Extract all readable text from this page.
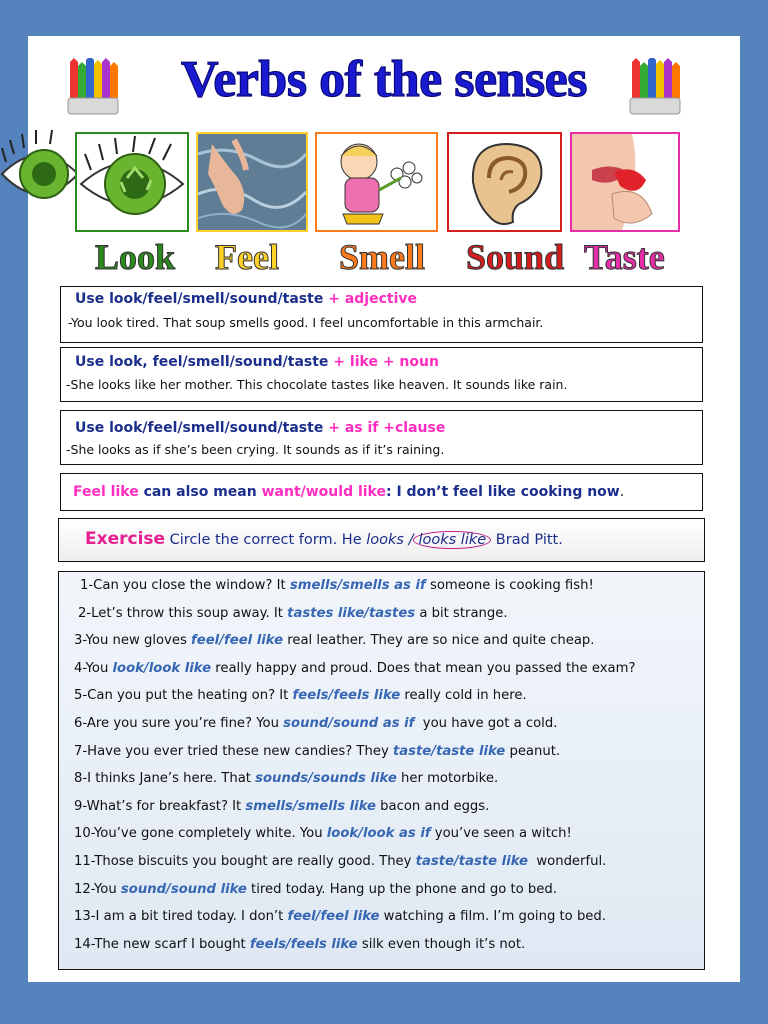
Verbs of the senses
Look Feel Smell Sound Taste
Use look/feel/smell/sound/taste + adjective
-You look tired. That soup smells good. I feel uncomfortable in this armchair.
Use look, feel/smell/sound/taste + like + noun
-She looks like her mother. This chocolate tastes like heaven. It sounds like rain.
Use look/feel/smell/sound/taste + as if +clause
-She looks as if she’s been crying. It sounds as if it’s raining.
Feel like can also mean want/would like: I don’t feel like cooking now.
Exercise Circle the correct form. He looks / looks like Brad Pitt.
1-Can you close the window? It smells/smells as if someone is cooking fish!
2-Let’s throw this soup away. It tastes like/tastes a bit strange.
3-You new gloves feel/feel like real leather. They are so nice and quite cheap.
4-You look/look like really happy and proud. Does that mean you passed the exam?
5-Can you put the heating on? It feels/feels like really cold in here.
6-Are you sure you’re fine? You sound/sound as if  you have got a cold.
7-Have you ever tried these new candies? They taste/taste like peanut.
8-I thinks Jane’s here. That sounds/sounds like her motorbike.
9-What’s for breakfast? It smells/smells like bacon and eggs.
10-You’ve gone completely white. You look/look as if you’ve seen a witch!
11-Those biscuits you bought are really good. They taste/taste like  wonderful.
12-You sound/sound like tired today. Hang up the phone and go to bed.
13-I am a bit tired today. I don’t feel/feel like watching a film. I’m going to bed.
14-The new scarf I bought feels/feels like silk even though it’s not.
